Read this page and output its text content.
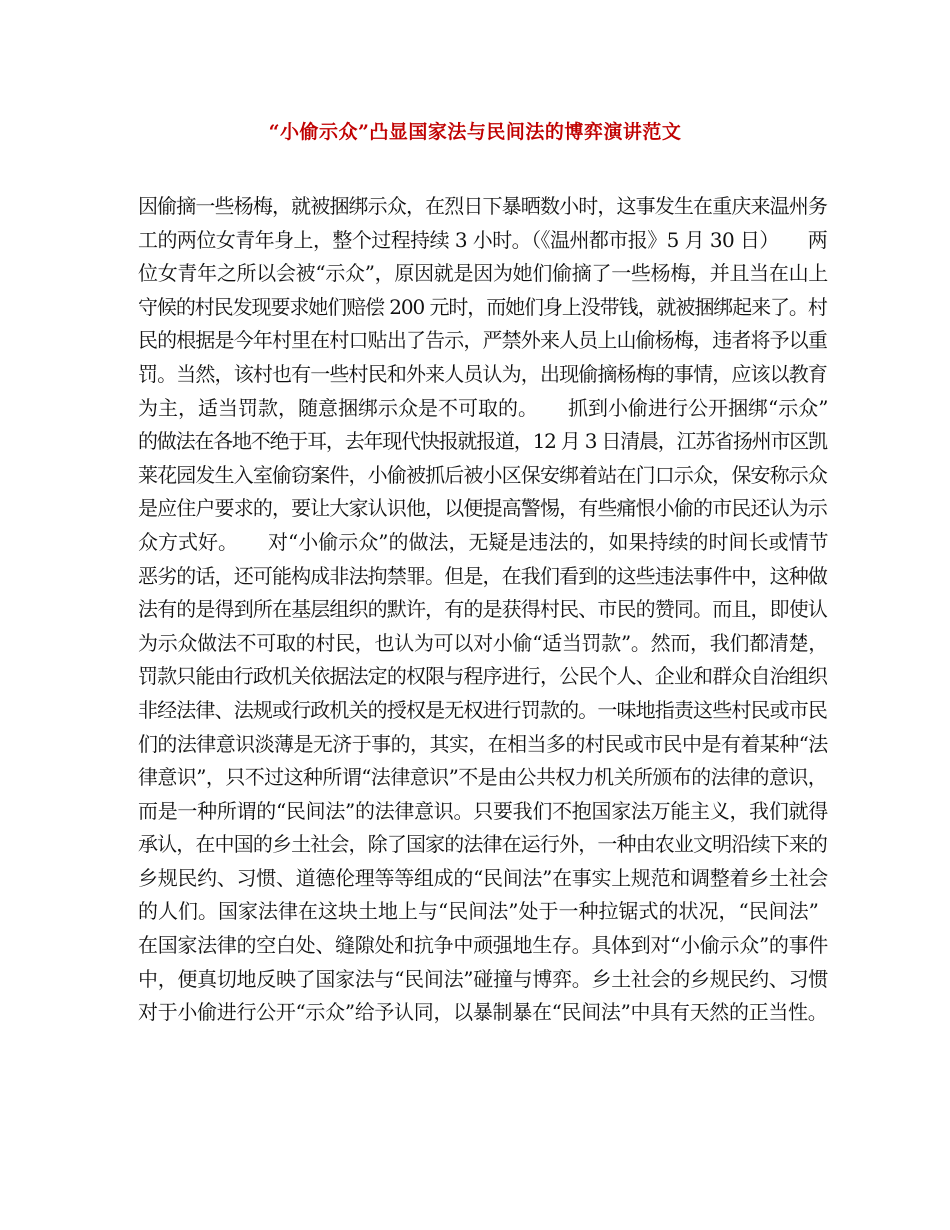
“小偷示众”凸显国家法与民间法的博弈演讲范文
因偷摘一些杨梅，就被捆绑示众，在烈日下暴晒数小时，这事发生在重庆来温州务
工的两位女青年身上，整个过程持续 3 小时。（《温州都市报》5 月 30 日）　　两
位女青年之所以会被“示众”，原因就是因为她们偷摘了一些杨梅，并且当在山上
守候的村民发现要求她们赔偿 200 元时，而她们身上没带钱，就被捆绑起来了。村
民的根据是今年村里在村口贴出了告示，严禁外来人员上山偷杨梅，违者将予以重
罚。当然，该村也有一些村民和外来人员认为，出现偷摘杨梅的事情，应该以教育
为主，适当罚款，随意捆绑示众是不可取的。　　抓到小偷进行公开捆绑“示众”
的做法在各地不绝于耳，去年现代快报就报道，12 月 3 日清晨，江苏省扬州市区凯
莱花园发生入室偷窃案件，小偷被抓后被小区保安绑着站在门口示众，保安称示众
是应住户要求的，要让大家认识他，以便提高警惕，有些痛恨小偷的市民还认为示
众方式好。　　对“小偷示众”的做法，无疑是违法的，如果持续的时间长或情节
恶劣的话，还可能构成非法拘禁罪。但是，在我们看到的这些违法事件中，这种做
法有的是得到所在基层组织的默许，有的是获得村民、市民的赞同。而且，即使认
为示众做法不可取的村民，也认为可以对小偷“适当罚款”。然而，我们都清楚，
罚款只能由行政机关依据法定的权限与程序进行，公民个人、企业和群众自治组织
非经法律、法规或行政机关的授权是无权进行罚款的。一味地指责这些村民或市民
们的法律意识淡薄是无济于事的，其实，在相当多的村民或市民中是有着某种“法
律意识”，只不过这种所谓“法律意识”不是由公共权力机关所颁布的法律的意识，
而是一种所谓的“民间法”的法律意识。只要我们不抱国家法万能主义，我们就得
承认，在中国的乡土社会，除了国家的法律在运行外，一种由农业文明沿续下来的
乡规民约、习惯、道德伦理等等组成的“民间法”在事实上规范和调整着乡土社会
的人们。国家法律在这块土地上与“民间法”处于一种拉锯式的状况，“民间法”
在国家法律的空白处、缝隙处和抗争中顽强地生存。具体到对“小偷示众”的事件
中，便真切地反映了国家法与“民间法”碰撞与博弈。乡土社会的乡规民约、习惯
对于小偷进行公开“示众”给予认同，以暴制暴在“民间法”中具有天然的正当性。
